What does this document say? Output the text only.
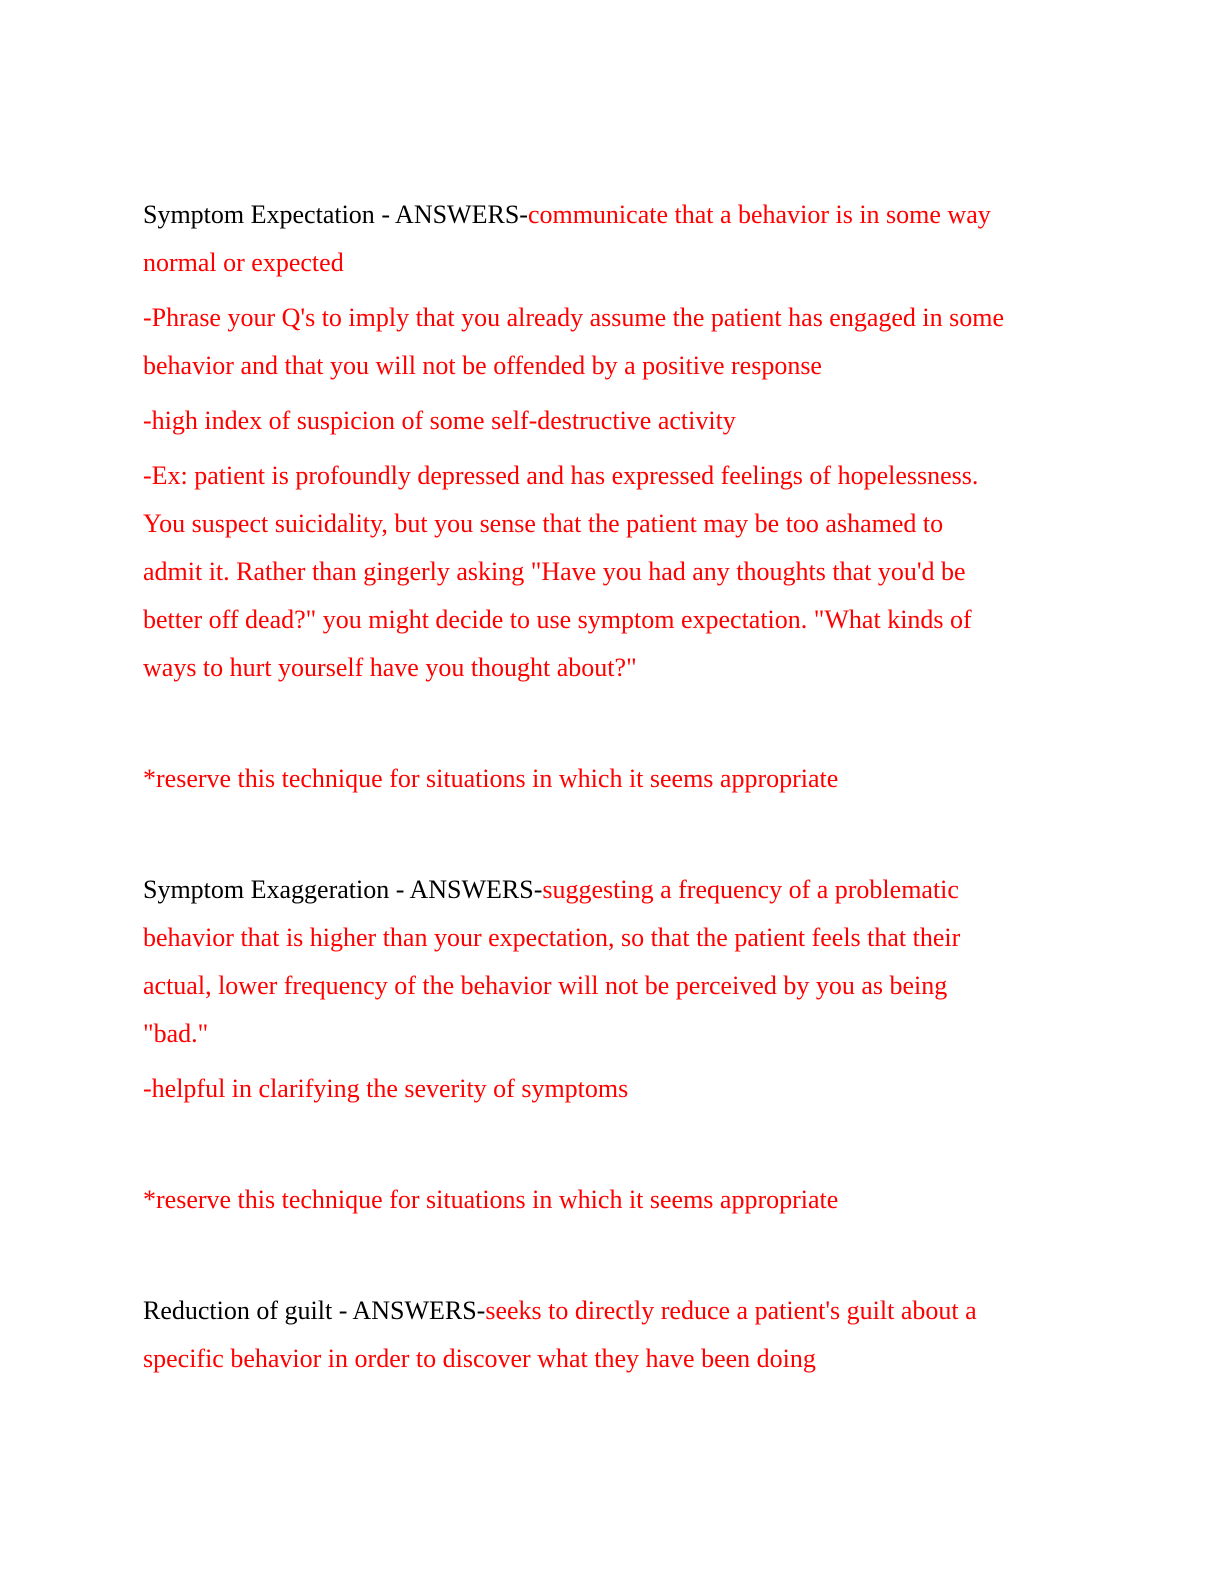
Symptom Expectation - ANSWERS-communicate that a behavior is in some way
normal or expected
-Phrase your Q's to imply that you already assume the patient has engaged in some
behavior and that you will not be offended by a positive response
-high index of suspicion of some self-destructive activity
-Ex: patient is profoundly depressed and has expressed feelings of hopelessness.
You suspect suicidality, but you sense that the patient may be too ashamed to
admit it. Rather than gingerly asking "Have you had any thoughts that you'd be
better off dead?" you might decide to use symptom expectation. "What kinds of
ways to hurt yourself have you thought about?"
*reserve this technique for situations in which it seems appropriate
Symptom Exaggeration - ANSWERS-suggesting a frequency of a problematic
behavior that is higher than your expectation, so that the patient feels that their
actual, lower frequency of the behavior will not be perceived by you as being
"bad."
-helpful in clarifying the severity of symptoms
*reserve this technique for situations in which it seems appropriate
Reduction of guilt - ANSWERS-seeks to directly reduce a patient's guilt about a
specific behavior in order to discover what they have been doing
